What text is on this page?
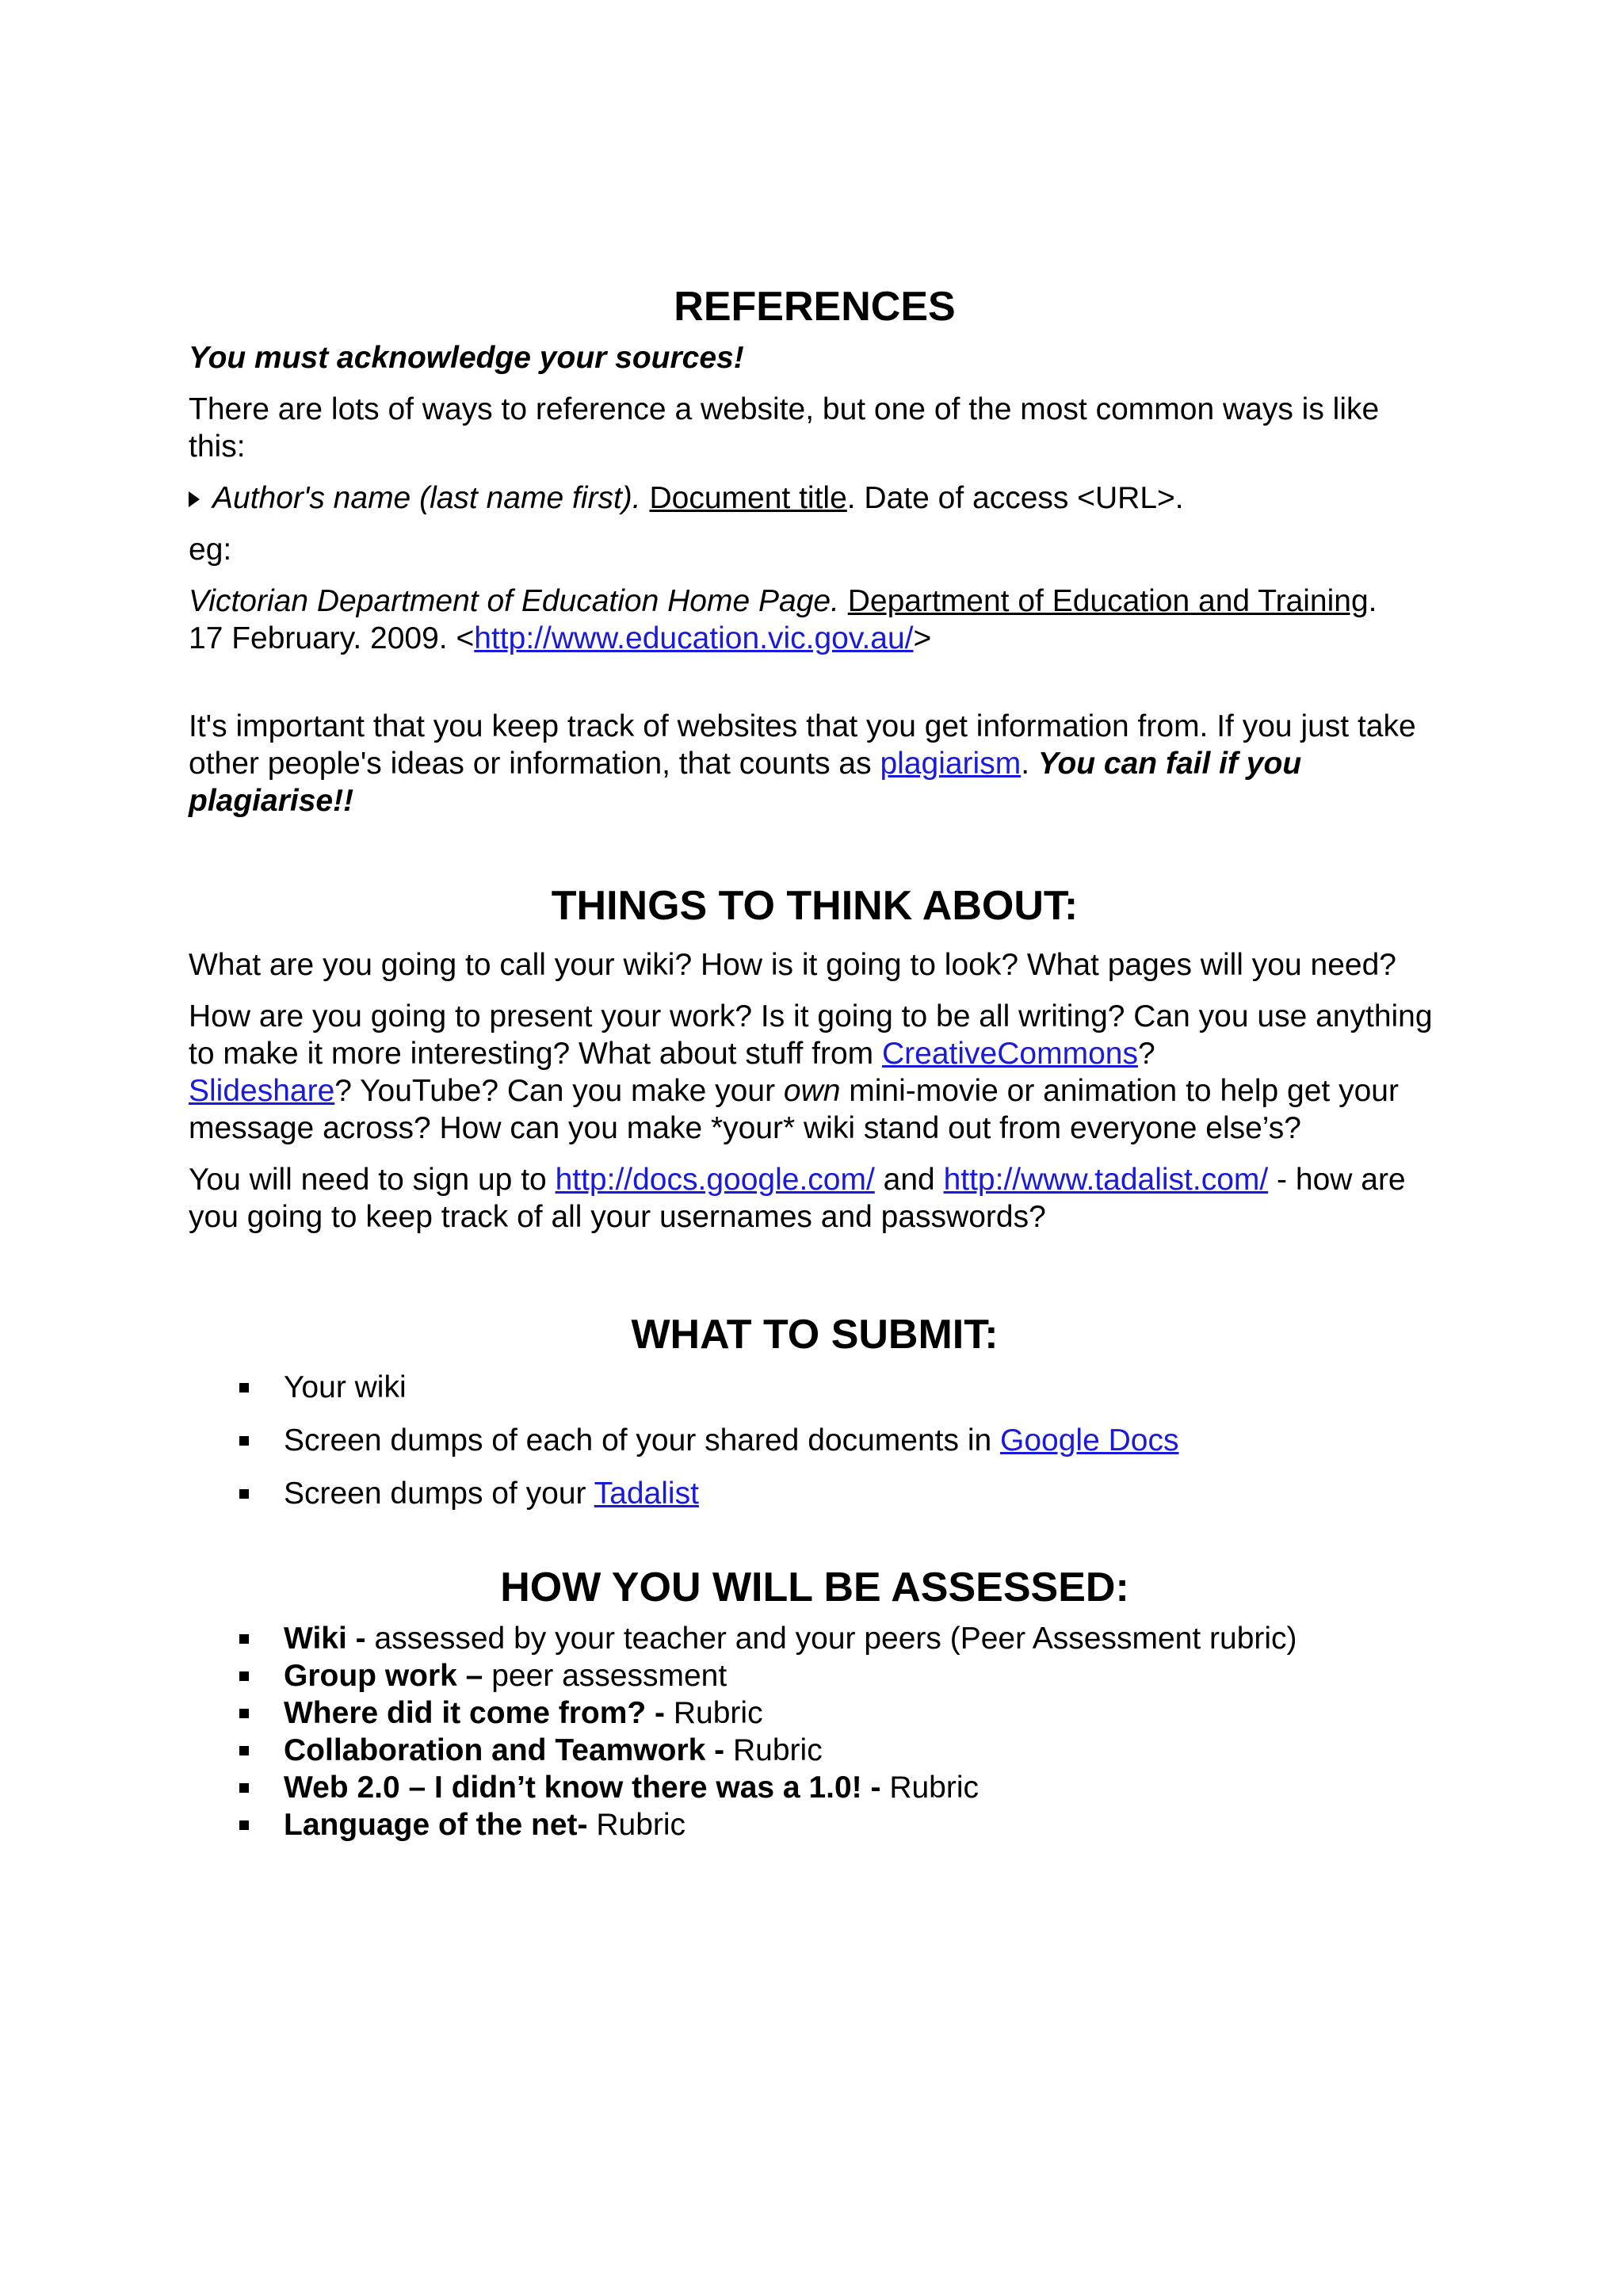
REFERENCES

You must acknowledge your sources!

There are lots of ways to reference a website, but one of the most common ways is like this:

Author's name (last name first). Document title. Date of access <URL>.

eg:

Victorian Department of Education Home Page. Department of Education and Training.
17 February. 2009. <http://www.education.vic.gov.au/>

It's important that you keep track of websites that you get information from. If you just take other people's ideas or information, that counts as plagiarism. You can fail if you plagiarise!!

THINGS TO THINK ABOUT:

What are you going to call your wiki? How is it going to look? What pages will you need?

How are you going to present your work? Is it going to be all writing? Can you use anything to make it more interesting? What about stuff from CreativeCommons?
Slideshare? YouTube? Can you make your own mini-movie or animation to help get your message across? How can you make *your* wiki stand out from everyone else’s?

You will need to sign up to http://docs.google.com/ and http://www.tadalist.com/ - how are you going to keep track of all your usernames and passwords?

WHAT TO SUBMIT:
Your wiki
Screen dumps of each of your shared documents in Google Docs
Screen dumps of your Tadalist
HOW YOU WILL BE ASSESSED:
Wiki - assessed by your teacher and your peers (Peer Assessment rubric)
Group work – peer assessment
Where did it come from? - Rubric
Collaboration and Teamwork - Rubric
Web 2.0 – I didn’t know there was a 1.0! - Rubric
Language of the net- Rubric
